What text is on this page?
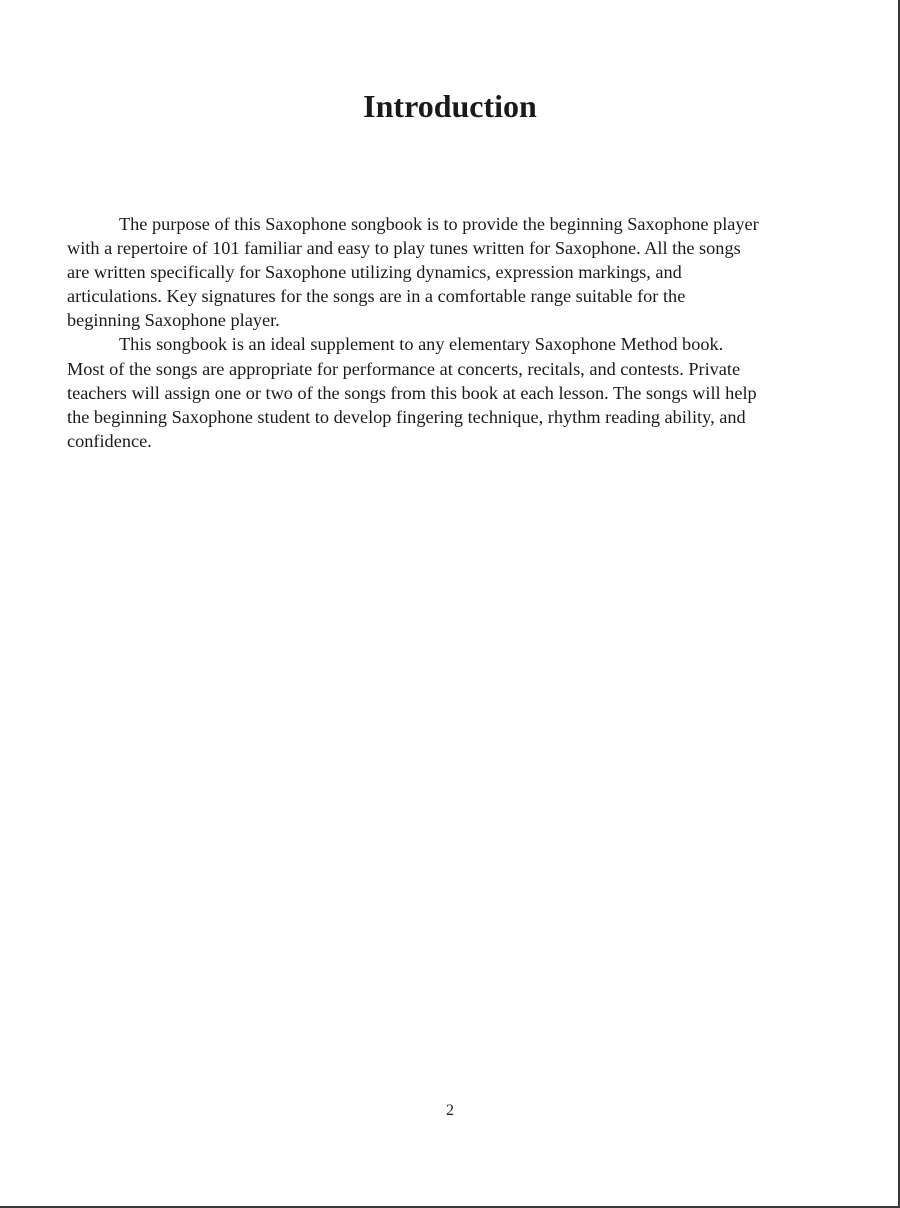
Introduction
The purpose of this Saxophone songbook is to provide the beginning Saxophone player
with a repertoire of 101 familiar and easy to play tunes written for Saxophone. All the songs
are written specifically for Saxophone utilizing dynamics, expression markings, and
articulations. Key signatures for the songs are in a comfortable range suitable for the
beginning Saxophone player.
This songbook is an ideal supplement to any elementary Saxophone Method book.
Most of the songs are appropriate for performance at concerts, recitals, and contests. Private
teachers will assign one or two of the songs from this book at each lesson. The songs will help
the beginning Saxophone student to develop fingering technique, rhythm reading ability, and
confidence.
2
